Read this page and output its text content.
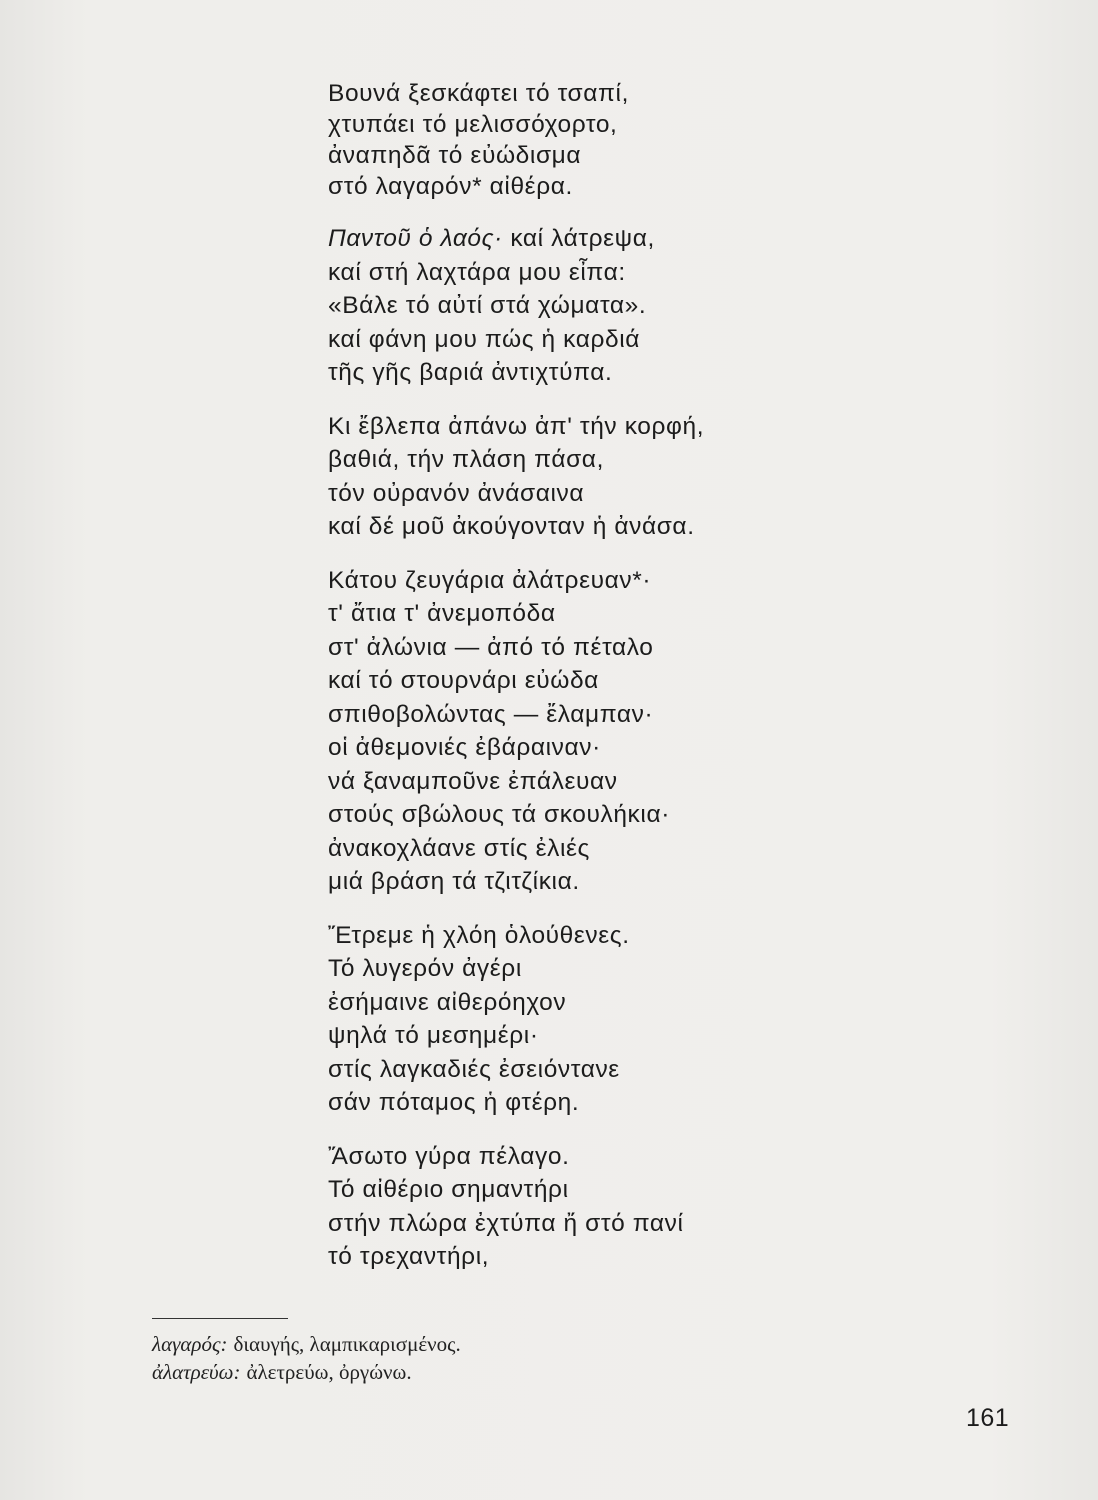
Βουνά ξεσκάφτει τό τσαπί,
χτυπάει τό μελισσόχορτο,
ἀναπηδᾶ τό εὐώδισμα
στό λαγαρόν* αἰθέρα.
Παντοῦ ὁ λαός· καί λάτρεψα,
καί στή λαχτάρα μου εἶπα:
«Βάλε τό αὐτί στά χώματα».
καί φάνη μου πώς ἡ καρδιά
τῆς γῆς βαριά ἀντιχτύπα.
Κι ἔβλεπα ἀπάνω ἀπ' τήν κορφή,
βαθιά, τήν πλάση πάσα,
τόν οὐρανόν ἀνάσαινα
καί δέ μοῦ ἀκούγονταν ἡ ἀνάσα.
Κάτου ζευγάρια ἀλάτρευαν*·
τ' ἄτια τ' ἀνεμοπόδα
στ' ἀλώνια — ἀπό τό πέταλο
καί τό στουρνάρι εὐώδα
σπιθοβολώντας — ἔλαμπαν·
οἱ ἀθεμονιές ἐβάραιναν·
νά ξαναμποῦνε ἐπάλευαν
στούς σβώλους τά σκουλήκια·
ἀνακοχλάανε στίς ἐλιές
μιά βράση τά τζιτζίκια.
Ἔτρεμε ἡ χλόη ὁλούθενες.
Τό λυγερόν ἀγέρι
ἐσήμαινε αἰθερόηχον
ψηλά τό μεσημέρι·
στίς λαγκαδιές ἐσειόντανε
σάν πόταμος ἡ φτέρη.
Ἄσωτο γύρα πέλαγο.
Τό αἰθέριο σημαντήρι
στήν πλώρα ἐχτύπα ἤ στό πανί
τό τρεχαντήρι,
λαγαρός: διαυγής, λαμπικαρισμένος.
ἀλατρεύω: ἀλετρεύω, ὀργώνω.
161
